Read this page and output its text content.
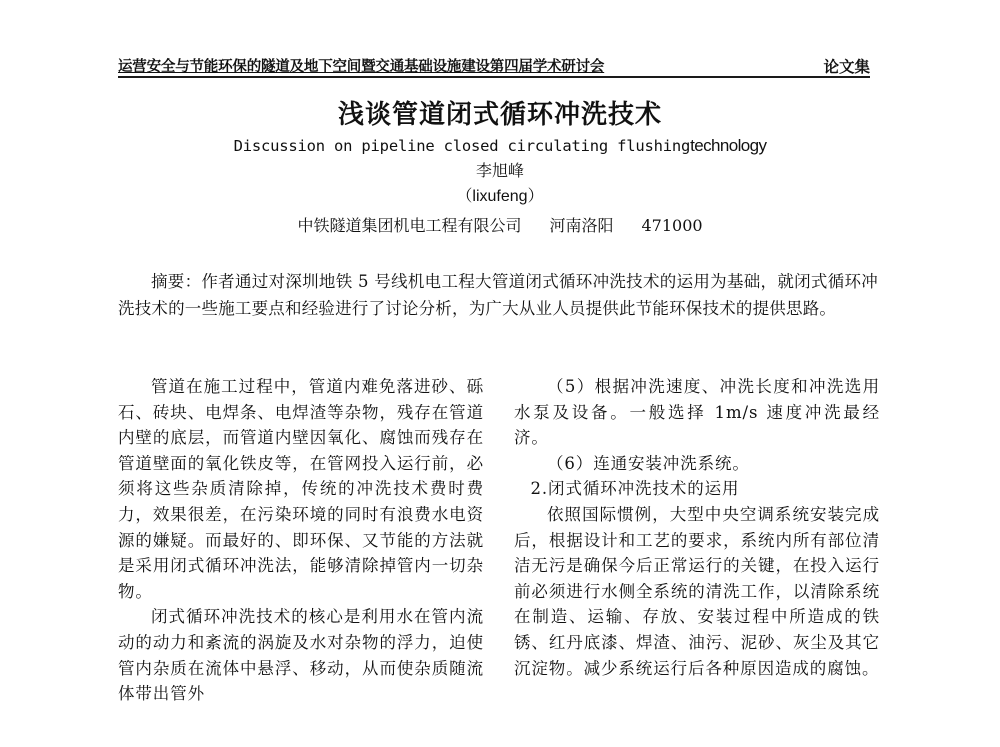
运营安全与节能环保的隧道及地下空间暨交通基础设施建设第四届学术研讨会	论文集
浅谈管道闭式循环冲洗技术
Discussion on pipeline closed circulating flushingtechnology
李旭峰
（lixufeng）
中铁隧道集团机电工程有限公司 河南洛阳 471000
摘要：作者通过对深圳地铁 5 号线机电工程大管道闭式循环冲洗技术的运用为基础，就闭式循环冲洗技术的一些施工要点和经验进行了讨论分析，为广大从业人员提供此节能环保技术的提供思路。

管道在施工过程中，管道内难免落进砂、砾石、砖块、电焊条、电焊渣等杂物，残存在管道内壁的底层，而管道内壁因氧化、腐蚀而残存在管道壁面的氧化铁皮等，在管网投入运行前，必须将这些杂质清除掉，传统的冲洗技术费时费力，效果很差，在污染环境的同时有浪费水电资源的嫌疑。而最好的、即环保、又节能的方法就是采用闭式循环冲洗法，能够清除掉管内一切杂物。

闭式循环冲洗技术的核心是利用水在管内流动的动力和紊流的涡旋及水对杂物的浮力，迫使管内杂质在流体中悬浮、移动，从而使杂质随流体带出管外

（5）根据冲洗速度、冲洗长度和冲洗选用水泵及设备。一般选择 1m/s 速度冲洗最经济。

（6）连通安装冲洗系统。

2.闭式循环冲洗技术的运用

依照国际惯例，大型中央空调系统安装完成后，根据设计和工艺的要求，系统内所有部位清洁无污是确保今后正常运行的关键，在投入运行前必须进行水侧全系统的清洗工作，以清除系统在制造、运输、存放、安装过程中所造成的铁锈、红丹底漆、焊渣、油污、泥砂、灰尘及其它沉淀物。减少系统运行后各种原因造成的腐蚀。
